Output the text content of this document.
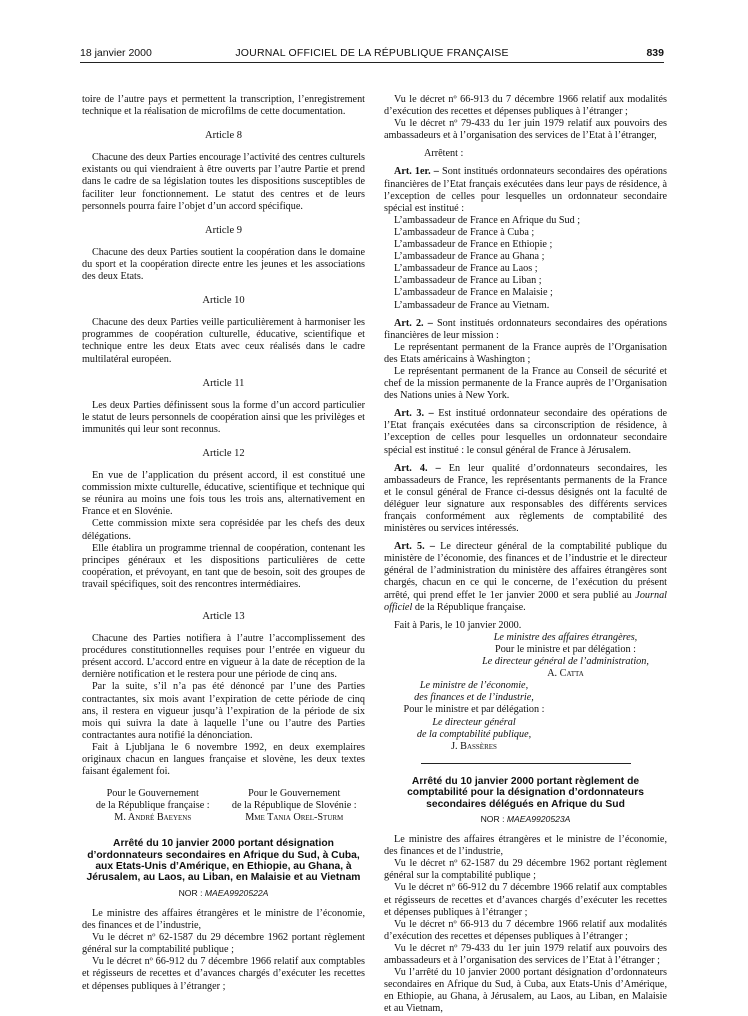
18 janvier 2000	JOURNAL OFFICIEL DE LA RÉPUBLIQUE FRANÇAISE	839

toire de l’autre pays et permettent la transcription, l’enregistrement technique et la réalisation de microfilms de cette documentation.

Article 8

Chacune des deux Parties encourage l’activité des centres culturels existants ou qui viendraient à être ouverts par l’autre Partie et prend dans le cadre de sa législation toutes les dispositions susceptibles de faciliter leur fonctionnement. Le statut des centres et de leurs personnels pourra faire l’objet d’un accord spécifique.

Article 9

Chacune des deux Parties soutient la coopération dans le domaine du sport et la coopération directe entre les jeunes et les associations des deux Etats.

Article 10

Chacune des deux Parties veille particulièrement à harmoniser les programmes de coopération culturelle, éducative, scientifique et technique entre les deux Etats avec ceux réalisés dans le cadre multilatéral européen.

Article 11

Les deux Parties définissent sous la forme d’un accord particulier le statut de leurs personnels de coopération ainsi que les privilèges et immunités qui leur sont reconnus.

Article 12

En vue de l’application du présent accord, il est constitué une commission mixte culturelle, éducative, scientifique et technique qui se réunira au moins une fois tous les trois ans, alternativement en France et en Slovénie.

Cette commission mixte sera coprésidée par les chefs des deux délégations.

Elle établira un programme triennal de coopération, contenant les principes généraux et les dispositions particulières de cette coopération, et prévoyant, en tant que de besoin, soit des groupes de travail spécifiques, soit des rencontres intermédiaires.

Article 13

Chacune des Parties notifiera à l’autre l’accomplissement des procédures constitutionnelles requises pour l’entrée en vigueur du présent accord. L’accord entre en vigueur à la date de réception de la dernière notification et le restera pour une période de cinq ans.

Par la suite, s’il n’a pas été dénoncé par l’une des Parties contractantes, six mois avant l’expiration de cette période de cinq ans, il restera en vigueur jusqu’à l’expiration de la période de six mois qui suivra la date à laquelle l’une ou l’autre des Parties contractantes aura notifié la dénonciation.

Fait à Ljubljana le 6 novembre 1992, en deux exemplaires originaux chacun en langues française et slovène, les deux textes faisant également foi.

Pour le Gouvernement
de la République française :
M. André Baeyens
Pour le Gouvernement
de la République de Slovénie :
Mme Tania Orel-Sturm
Arrêté du 10 janvier 2000 portant désignation d’ordonnateurs secondaires en Afrique du Sud, à Cuba, aux Etats-Unis d’Amérique, en Ethiopie, au Ghana, à Jérusalem, au Laos, au Liban, en Malaisie et au Vietnam
NOR : MAEA9920522A

Le ministre des affaires étrangères et le ministre de l’économie, des finances et de l’industrie,

Vu le décret nº 62-1587 du 29 décembre 1962 portant règlement général sur la comptabilité publique ;

Vu le décret nº 66-912 du 7 décembre 1966 relatif aux comptables et régisseurs de recettes et d’avances chargés d’exécuter les recettes et dépenses publiques à l’étranger ;

Vu le décret nº 66-913 du 7 décembre 1966 relatif aux modalités d’exécution des recettes et dépenses publiques à l’étranger ;

Vu le décret nº 79-433 du 1er juin 1979 relatif aux pouvoirs des ambassadeurs et à l’organisation des services de l’Etat à l’étranger,

Arrêtent :

Art. 1er. – Sont institués ordonnateurs secondaires des opérations financières de l’Etat français exécutées dans leur pays de résidence, à l’exception de celles pour lesquelles un ordonnateur secondaire spécial est institué :

L’ambassadeur de France en Afrique du Sud ;

L’ambassadeur de France à Cuba ;

L’ambassadeur de France en Ethiopie ;

L’ambassadeur de France au Ghana ;

L’ambassadeur de France au Laos ;

L’ambassadeur de France au Liban ;

L’ambassadeur de France en Malaisie ;

L’ambassadeur de France au Vietnam.

Art. 2. – Sont institués ordonnateurs secondaires des opérations financières de leur mission :

Le représentant permanent de la France auprès de l’Organisation des Etats américains à Washington ;

Le représentant permanent de la France au Conseil de sécurité et chef de la mission permanente de la France auprès de l’Organisation des Nations unies à New York.

Art. 3. – Est institué ordonnateur secondaire des opérations de l’Etat français exécutées dans sa circonscription de résidence, à l’exception de celles pour lesquelles un ordonnateur secondaire spécial est institué : le consul général de France à Jérusalem.

Art. 4. – En leur qualité d’ordonnateurs secondaires, les ambassadeurs de France, les représentants permanents de la France et le consul général de France ci-dessus désignés ont la faculté de déléguer leur signature aux responsables des différents services français conformément aux règlements de comptabilité des ministères ou services intéressés.

Art. 5. – Le directeur général de la comptabilité publique du ministère de l’économie, des finances et de l’industrie et le directeur général de l’administration du ministère des affaires étrangères sont chargés, chacun en ce qui le concerne, de l’exécution du présent arrêté, qui prend effet le 1er janvier 2000 et sera publié au Journal officiel de la République française.

Fait à Paris, le 10 janvier 2000.

Le ministre des affaires étrangères,
Pour le ministre et par délégation :
Le directeur général de l’administration,
A. Catta
Le ministre de l’économie,
des finances et de l’industrie,
Pour le ministre et par délégation :
Le directeur général
de la comptabilité publique,
J. Bassères
Arrêté du 10 janvier 2000 portant règlement de comptabilité pour la désignation d’ordonnateurs secondaires délégués en Afrique du Sud
NOR : MAEA9920523A

Le ministre des affaires étrangères et le ministre de l’économie, des finances et de l’industrie,

Vu le décret nº 62-1587 du 29 décembre 1962 portant règlement général sur la comptabilité publique ;

Vu le décret nº 66-912 du 7 décembre 1966 relatif aux comptables et régisseurs de recettes et d’avances chargés d’exécuter les recettes et dépenses publiques à l’étranger ;

Vu le décret nº 66-913 du 7 décembre 1966 relatif aux modalités d’exécution des recettes et dépenses publiques à l’étranger ;

Vu le décret nº 79-433 du 1er juin 1979 relatif aux pouvoirs des ambassadeurs et à l’organisation des services de l’Etat à l’étranger ;

Vu l’arrêté du 10 janvier 2000 portant désignation d’ordonnateurs secondaires en Afrique du Sud, à Cuba, aux Etats-Unis d’Amérique, en Ethiopie, au Ghana, à Jérusalem, au Laos, au Liban, en Malaisie et au Vietnam,
